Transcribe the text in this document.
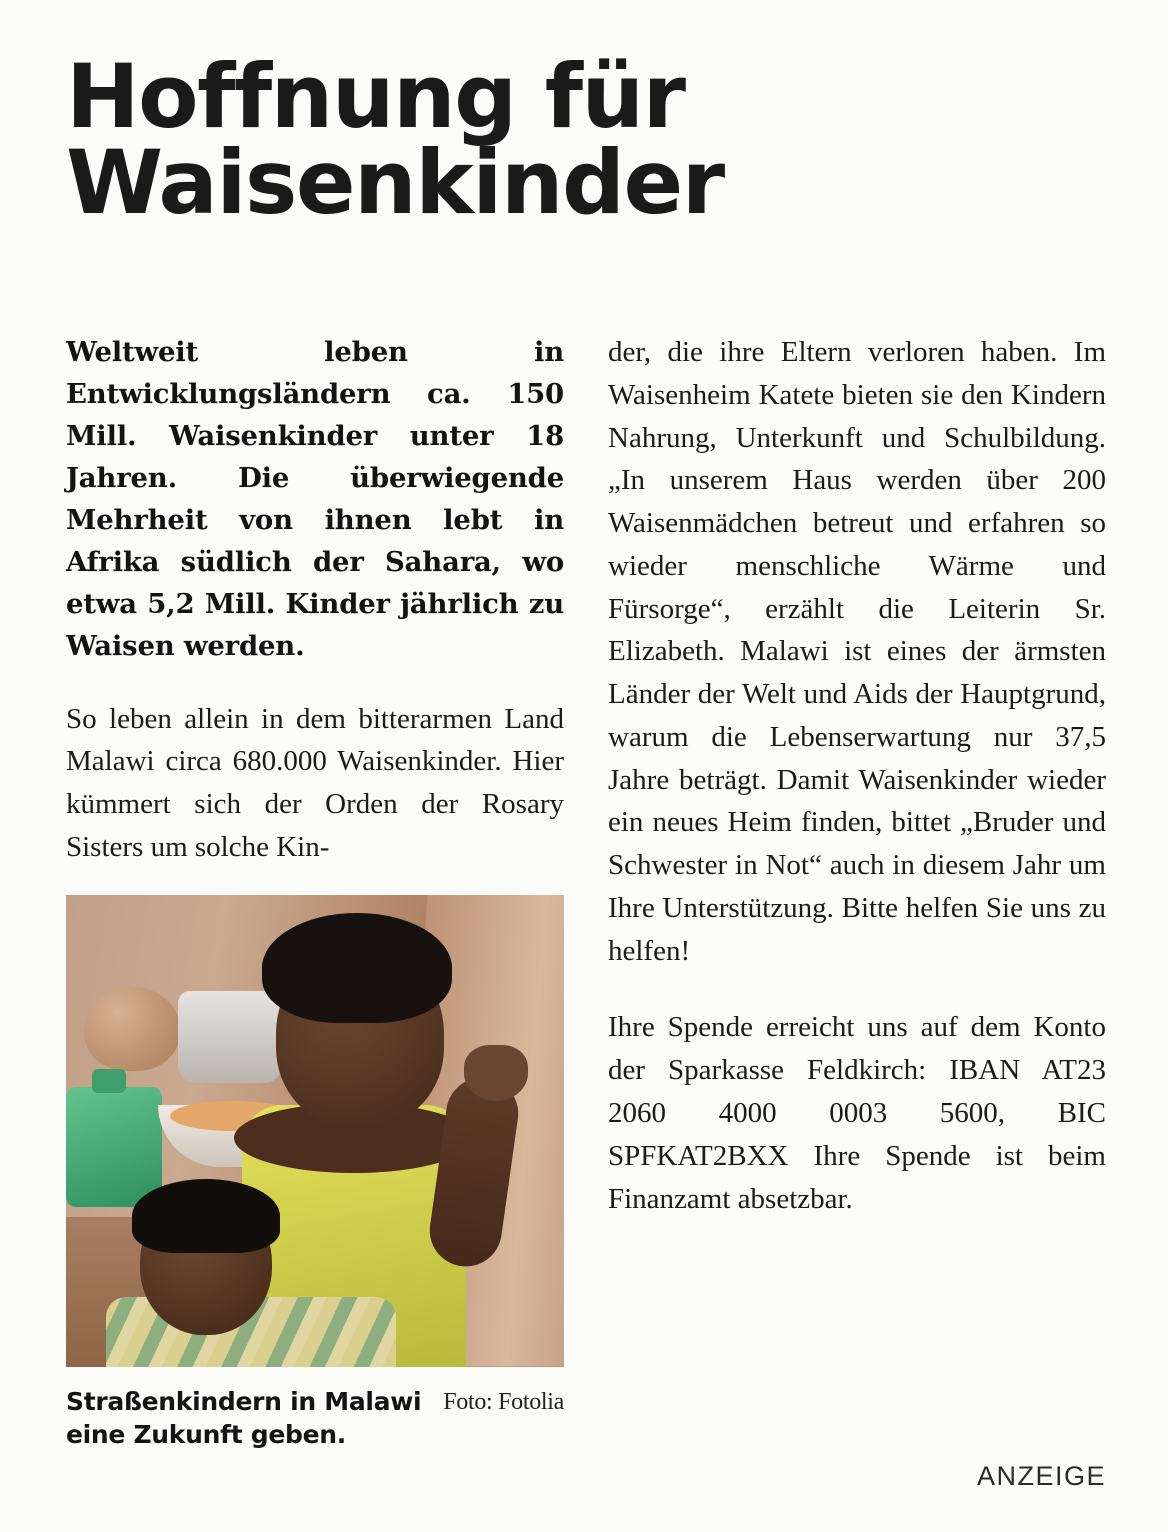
Hoffnung für
Waisenkinder

Weltweit leben in Entwicklungsländern ca. 150 Mill. Waisenkinder unter 18 Jahren. Die überwiegende Mehrheit von ihnen lebt in Afrika südlich der Sahara, wo etwa 5,2 Mill. Kinder jährlich zu Waisen werden.

So leben allein in dem bitterarmen Land Malawi circa 680.000 Waisenkinder. Hier kümmert sich der Orden der Rosary Sisters um solche Kin-

Foto: Fotolia
Straßenkindern in Malawi eine Zukunft geben.

der, die ihre Eltern verloren haben. Im Waisenheim Katete bieten sie den Kindern Nahrung, Unterkunft und Schulbildung. „In unserem Haus werden über 200 Waisenmädchen betreut und erfahren so wieder menschliche Wärme und Fürsorge“, erzählt die Leiterin Sr. Elizabeth. Malawi ist eines der ärmsten Länder der Welt und Aids der Hauptgrund, warum die Lebenserwartung nur 37,5 Jahre beträgt. Damit Waisenkinder wieder ein neues Heim finden, bittet „Bruder und Schwester in Not“ auch in diesem Jahr um Ihre Unterstützung. Bitte helfen Sie uns zu helfen!

Ihre Spende erreicht uns auf dem Konto der Sparkasse Feldkirch: IBAN AT23 2060 4000 0003 5600, BIC SPFKAT2BXX Ihre Spende ist beim Finanzamt absetzbar.

ANZEIGE
